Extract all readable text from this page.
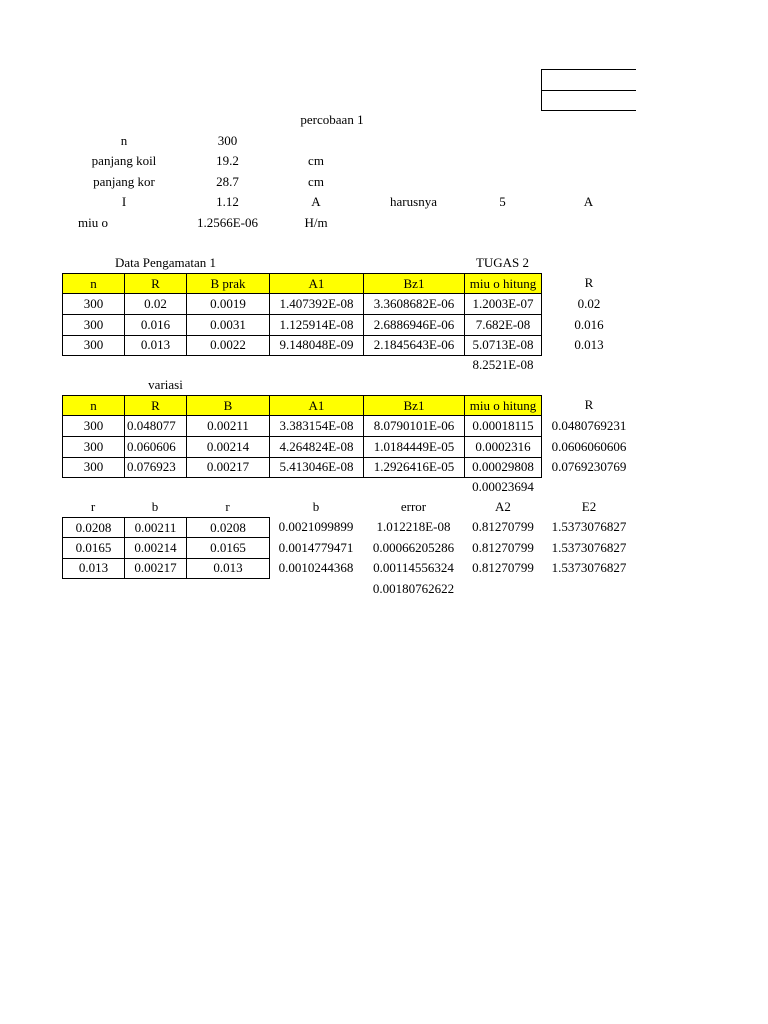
percobaan 1
n	300
panjang koil	19.2	cm
panjang kor	28.7	cm
I	1.12	A	harusnya	5	A
miu o	1.2566E-06	H/m
Data Pengamatan 1	TUGAS 2
n	R	B prak	A1	Bz1	miu o hitung	R
300	0.02	0.0019	1.407392E-08	3.3608682E-06	1.2003E-07	0.02
300	0.016	0.0031	1.125914E-08	2.6886946E-06	7.682E-08	0.016
300	0.013	0.0022	9.148048E-09	2.1845643E-06	5.0713E-08	0.013
8.2521E-08
variasi
n	R	B	A1	Bz1	miu o hitung	R
300	0.048077	0.00211	3.383154E-08	8.0790101E-06	0.00018115	0.0480769231
300	0.060606	0.00214	4.264824E-08	1.0184449E-05	0.0002316	0.0606060606
300	0.076923	0.00217	5.413046E-08	1.2926416E-05	0.00029808	0.0769230769
0.00023694
r	b	r	b	error	A2	E2
0.0208	0.00211	0.0208	0.0021099899	1.012218E-08	0.81270799	1.5373076827
0.0165	0.00214	0.0165	0.0014779471	0.00066205286	0.81270799	1.5373076827
0.013	0.00217	0.013	0.0010244368	0.00114556324	0.81270799	1.5373076827
0.00180762622
